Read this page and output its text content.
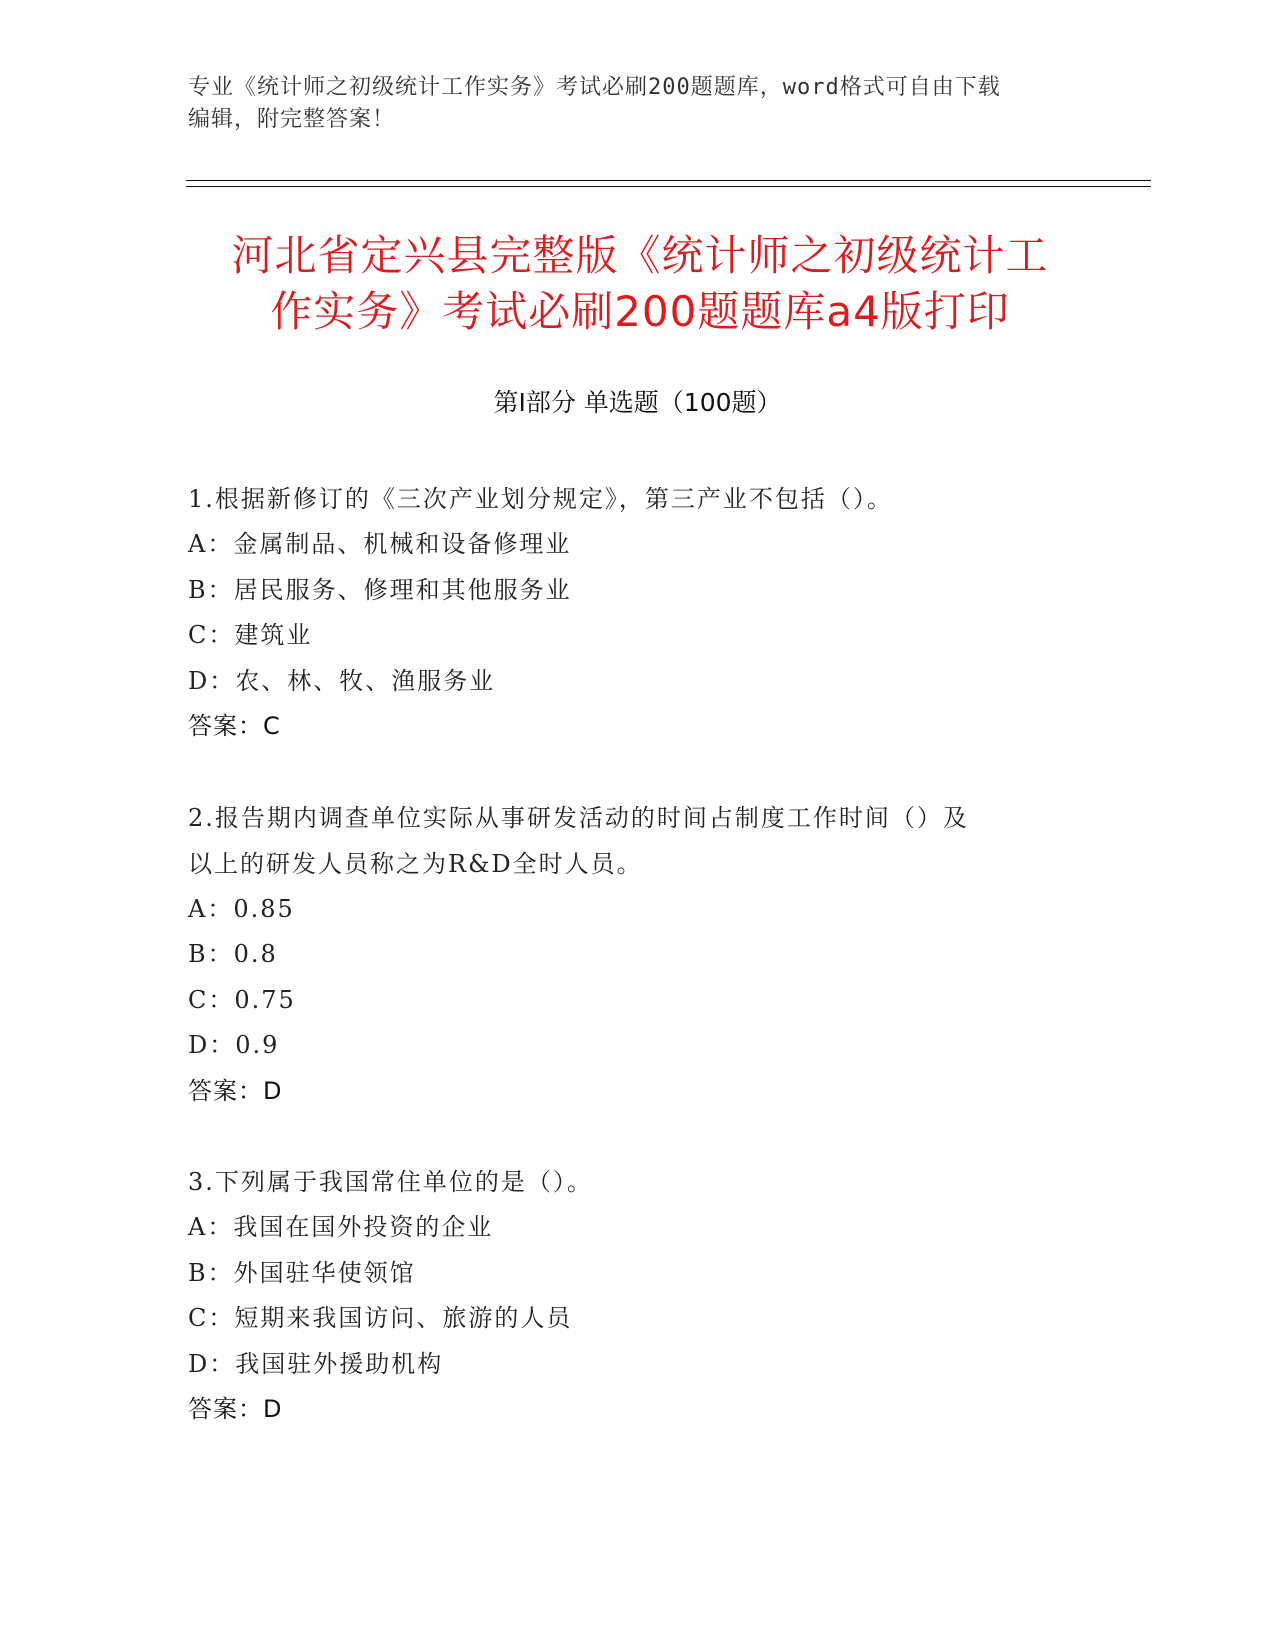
专业《统计师之初级统计工作实务》考试必刷200题题库，word格式可自由下载
编辑，附完整答案！
河北省定兴县完整版《统计师之初级统计工
作实务》考试必刷200题题库a4版打印
第Ⅰ部分 单选题（100题）
1.根据新修订的《三次产业划分规定》，第三产业不包括（）。
A：金属制品、机械和设备修理业
B：居民服务、修理和其他服务业
C：建筑业
D：农、林、牧、渔服务业
答案：C
2.报告期内调查单位实际从事研发活动的时间占制度工作时间（）及
以上的研发人员称之为R&D全时人员。
A：0.85
B：0.8
C：0.75
D：0.9
答案：D
3.下列属于我国常住单位的是（）。
A：我国在国外投资的企业
B：外国驻华使领馆
C：短期来我国访问、旅游的人员
D：我国驻外援助机构
答案：D
